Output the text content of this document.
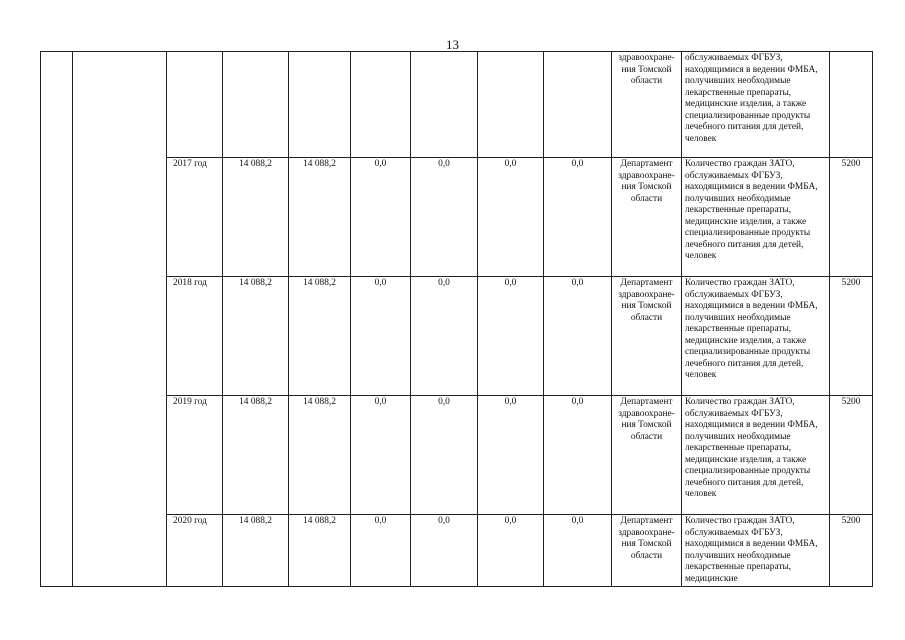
13
									здравоохране-ния Томской области	обслуживаемых ФГБУЗ, находящимися в ведении ФМБА, получивших необходимые лекарственные препараты, медицинские изделия, а также специализированные продукты лечебного питания для детей, человек	
		2017 год	14 088,2	14 088,2	0,0	0,0	0,0	0,0	Департамент здравоохране-ния Томской области	Количество граждан ЗАТО, обслуживаемых ФГБУЗ, находящимися в ведении ФМБА, получивших необходимые лекарственные препараты, медицинские изделия, а также специализированные продукты лечебного питания для детей, человек	5200
		2018 год	14 088,2	14 088,2	0,0	0,0	0,0	0,0	Департамент здравоохране-ния Томской области	Количество граждан ЗАТО, обслуживаемых ФГБУЗ, находящимися в ведении ФМБА, получивших необходимые лекарственные препараты, медицинские изделия, а также специализированные продукты лечебного питания для детей, человек	5200
		2019 год	14 088,2	14 088,2	0,0	0,0	0,0	0,0	Департамент здравоохране-ния Томской области	Количество граждан ЗАТО, обслуживаемых ФГБУЗ, находящимися в ведении ФМБА, получивших необходимые лекарственные препараты, медицинские изделия, а также специализированные продукты лечебного питания для детей, человек	5200
		2020 год	14 088,2	14 088,2	0,0	0,0	0,0	0,0	Департамент здравоохране-ния Томской области	Количество граждан ЗАТО, обслуживаемых ФГБУЗ, находящимися в ведении ФМБА, получивших необходимые лекарственные препараты, медицинские	5200
